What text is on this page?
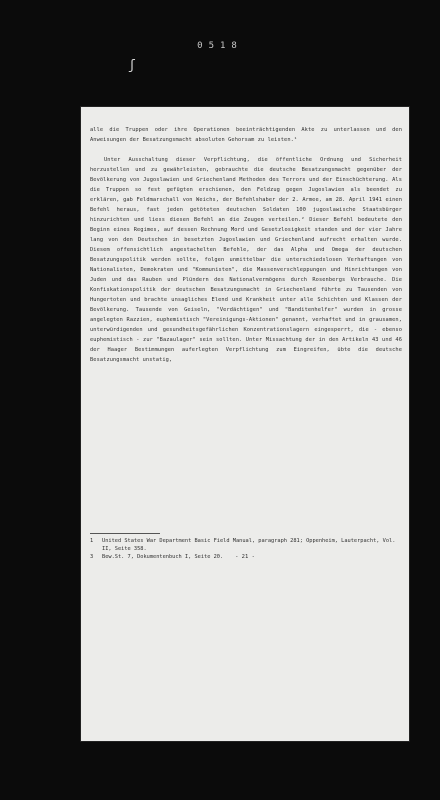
0518
ʃ

alle die Truppen oder ihre Operationen beeinträchtigenden Akte zu unterlassen und den Anweisungen der Besatzungsmacht absoluten Gehorsam zu leisten.¹

Unter Ausschaltung dieser Verpflichtung, die öffentliche Ordnung und Sicherheit herzustellen und zu gewährleisten, gebrauchte die deutsche Besatzungsmacht gegenüber der Bevölkerung von Jugoslawien und Griechenland Methoden des Terrors und der Einschüchterung. Als die Truppen so fest gefügten erschienen, den Feldzug gegen Jugoslawien als beendet zu erklären, gab Feldmarschall von Weichs, der Befehlshaber der 2. Armee, am 28. April 1941 einen Befehl heraus, fast jeden getöteten deutschen Soldaten 100 jugoslawische Staatsbürger hinzurichten und liess diesen Befehl an die Zeugen verteilen.² Dieser Befehl bedeutete den Beginn eines Regimes, auf dessen Rechnung Mord und Gesetzlosigkeit standen und der vier Jahre lang von den Deutschen in besetzten Jugoslawien und Griechenland aufrecht erhalten wurde. Diesem offensichtlich angestachelten Befehle, der das Alpha und Omega der deutschen Besatzungspolitik werden sollte, folgen unmittelbar die unterschiedslosen Verhaftungen von Nationalisten, Demokraten und "Kommunisten", die Massenverschleppungen und Hinrichtungen von Juden und das Rauben und Plündern des Nationalvermögens durch Rosenbergs Verbrauche. Die Konfiskationspolitik der deutschen Besatzungsmacht in Griechenland führte zu Tausenden von Hungertoten und brachte unsagliches Elend und Krankheit unter alle Schichten und Klassen der Bevölkerung. Tausende von Geiseln, "Verdächtigen" und "Banditenhelfer" wurden in grosse angelegten Razzien, euphemistisch "Vereinigungs-Aktionen" genannt, verhaftet und in grausamen, unterwürdigenden und gesundheitsgefährlichen Konzentrationslagern eingesperrt, die - ebenso euphemistisch - zur "Bazaulager" sein sollten. Unter Missachtung der in den Artikeln 43 und 46 der Haager Bestimmungen auferlegten Verpflichtung zum Eingreifen, übte die deutsche Besatzungsmacht unstatig,

1	United States War Department Basic Field Manual, paragraph 281; Oppenheim, Lauterpacht, Vol. II, Seite 358.
3	Bew.St. 7, Dokumentenbuch I, Seite 20.	- 21 -
